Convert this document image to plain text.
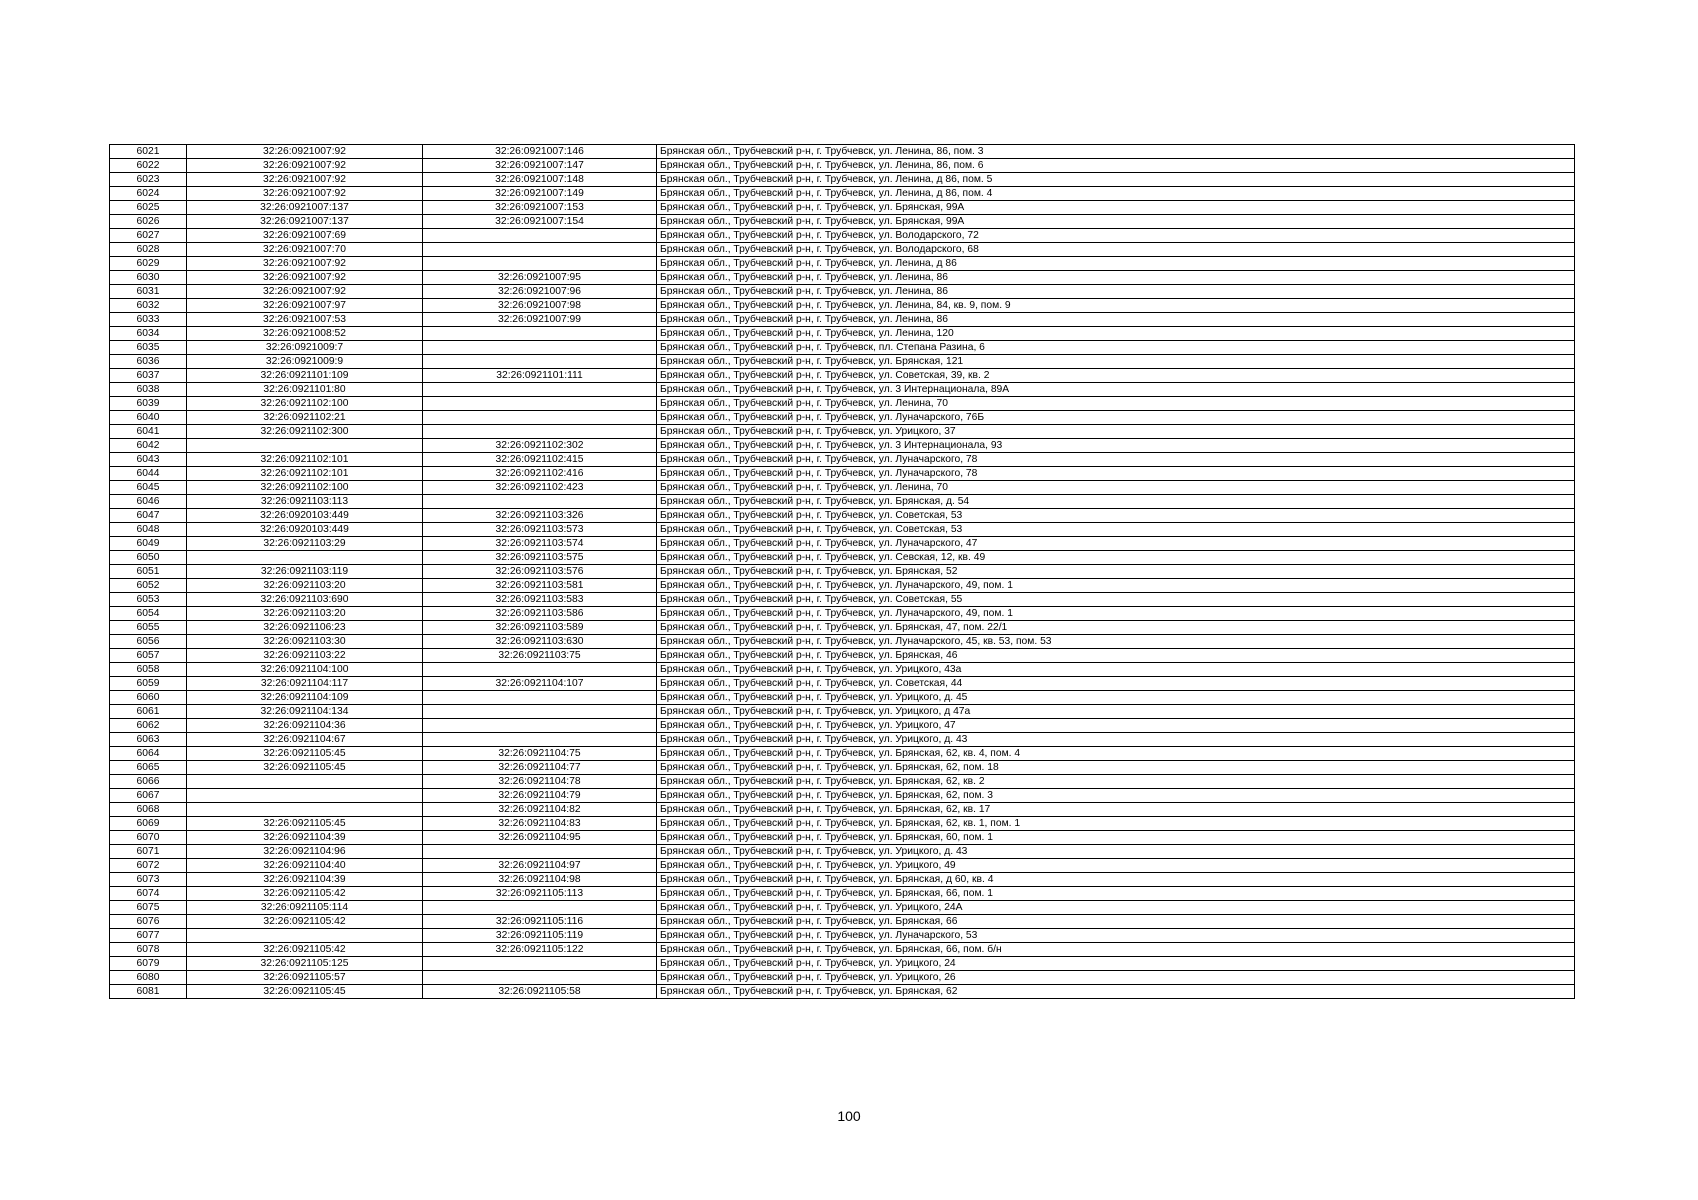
6021	32:26:0921007:92	32:26:0921007:146	Брянская обл., Трубчевский р-н, г. Трубчевск, ул. Ленина, 86, пом. 3
6022	32:26:0921007:92	32:26:0921007:147	Брянская обл., Трубчевский р-н, г. Трубчевск, ул. Ленина, 86, пом. 6
6023	32:26:0921007:92	32:26:0921007:148	Брянская обл., Трубчевский р-н, г. Трубчевск, ул. Ленина, д 86, пом. 5
6024	32:26:0921007:92	32:26:0921007:149	Брянская обл., Трубчевский р-н, г. Трубчевск, ул. Ленина, д 86, пом. 4
6025	32:26:0921007:137	32:26:0921007:153	Брянская обл., Трубчевский р-н, г. Трубчевск, ул. Брянская, 99А
6026	32:26:0921007:137	32:26:0921007:154	Брянская обл., Трубчевский р-н, г. Трубчевск, ул. Брянская, 99А
6027	32:26:0921007:69		Брянская обл., Трубчевский р-н, г. Трубчевск, ул. Володарского, 72
6028	32:26:0921007:70		Брянская обл., Трубчевский р-н, г. Трубчевск, ул. Володарского, 68
6029	32:26:0921007:92		Брянская обл., Трубчевский р-н, г. Трубчевск, ул. Ленина, д 86
6030	32:26:0921007:92	32:26:0921007:95	Брянская обл., Трубчевский р-н, г. Трубчевск, ул. Ленина, 86
6031	32:26:0921007:92	32:26:0921007:96	Брянская обл., Трубчевский р-н, г. Трубчевск, ул. Ленина, 86
6032	32:26:0921007:97	32:26:0921007:98	Брянская обл., Трубчевский р-н, г. Трубчевск, ул. Ленина, 84, кв. 9, пом. 9
6033	32:26:0921007:53	32:26:0921007:99	Брянская обл., Трубчевский р-н, г. Трубчевск, ул. Ленина, 86
6034	32:26:0921008:52		Брянская обл., Трубчевский р-н, г. Трубчевск, ул. Ленина, 120
6035	32:26:0921009:7		Брянская обл., Трубчевский р-н, г. Трубчевск, пл. Степана Разина, 6
6036	32:26:0921009:9		Брянская обл., Трубчевский р-н, г. Трубчевск, ул. Брянская, 121
6037	32:26:0921101:109	32:26:0921101:111	Брянская обл., Трубчевский р-н, г. Трубчевск, ул. Советская, 39, кв. 2
6038	32:26:0921101:80		Брянская обл., Трубчевский р-н, г. Трубчевск, ул. 3 Интернационала, 89А
6039	32:26:0921102:100		Брянская обл., Трубчевский р-н, г. Трубчевск, ул. Ленина, 70
6040	32:26:0921102:21		Брянская обл., Трубчевский р-н, г. Трубчевск, ул. Луначарского, 76Б
6041	32:26:0921102:300		Брянская обл., Трубчевский р-н, г. Трубчевск, ул. Урицкого, 37
6042		32:26:0921102:302	Брянская обл., Трубчевский р-н, г. Трубчевск, ул. 3 Интернационала, 93
6043	32:26:0921102:101	32:26:0921102:415	Брянская обл., Трубчевский р-н, г. Трубчевск, ул. Луначарского, 78
6044	32:26:0921102:101	32:26:0921102:416	Брянская обл., Трубчевский р-н, г. Трубчевск, ул. Луначарского, 78
6045	32:26:0921102:100	32:26:0921102:423	Брянская обл., Трубчевский р-н, г. Трубчевск, ул. Ленина, 70
6046	32:26:0921103:113		Брянская обл., Трубчевский р-н, г. Трубчевск, ул. Брянская, д. 54
6047	32:26:0920103:449	32:26:0921103:326	Брянская обл., Трубчевский р-н, г. Трубчевск, ул. Советская, 53
6048	32:26:0920103:449	32:26:0921103:573	Брянская обл., Трубчевский р-н, г. Трубчевск, ул. Советская, 53
6049	32:26:0921103:29	32:26:0921103:574	Брянская обл., Трубчевский р-н, г. Трубчевск, ул. Луначарского, 47
6050		32:26:0921103:575	Брянская обл., Трубчевский р-н, г. Трубчевск, ул. Севская, 12, кв. 49
6051	32:26:0921103:119	32:26:0921103:576	Брянская обл., Трубчевский р-н, г. Трубчевск, ул. Брянская, 52
6052	32:26:0921103:20	32:26:0921103:581	Брянская обл., Трубчевский р-н, г. Трубчевск, ул. Луначарского, 49, пом. 1
6053	32:26:0921103:690	32:26:0921103:583	Брянская обл., Трубчевский р-н, г. Трубчевск, ул. Советская, 55
6054	32:26:0921103:20	32:26:0921103:586	Брянская обл., Трубчевский р-н, г. Трубчевск, ул. Луначарского, 49, пом. 1
6055	32:26:0921106:23	32:26:0921103:589	Брянская обл., Трубчевский р-н, г. Трубчевск, ул. Брянская, 47, пом. 22/1
6056	32:26:0921103:30	32:26:0921103:630	Брянская обл., Трубчевский р-н, г. Трубчевск, ул. Луначарского, 45, кв. 53, пом. 53
6057	32:26:0921103:22	32:26:0921103:75	Брянская обл., Трубчевский р-н, г. Трубчевск, ул. Брянская, 46
6058	32:26:0921104:100		Брянская обл., Трубчевский р-н, г. Трубчевск, ул. Урицкого, 43а
6059	32:26:0921104:117	32:26:0921104:107	Брянская обл., Трубчевский р-н, г. Трубчевск, ул. Советская, 44
6060	32:26:0921104:109		Брянская обл., Трубчевский р-н, г. Трубчевск, ул. Урицкого, д. 45
6061	32:26:0921104:134		Брянская обл., Трубчевский р-н, г. Трубчевск, ул. Урицкого, д 47а
6062	32:26:0921104:36		Брянская обл., Трубчевский р-н, г. Трубчевск, ул. Урицкого, 47
6063	32:26:0921104:67		Брянская обл., Трубчевский р-н, г. Трубчевск, ул. Урицкого, д. 43
6064	32:26:0921105:45	32:26:0921104:75	Брянская обл., Трубчевский р-н, г. Трубчевск, ул. Брянская, 62, кв. 4, пом. 4
6065	32:26:0921105:45	32:26:0921104:77	Брянская обл., Трубчевский р-н, г. Трубчевск, ул. Брянская, 62, пом. 18
6066		32:26:0921104:78	Брянская обл., Трубчевский р-н, г. Трубчевск, ул. Брянская, 62, кв. 2
6067		32:26:0921104:79	Брянская обл., Трубчевский р-н, г. Трубчевск, ул. Брянская, 62, пом. 3
6068		32:26:0921104:82	Брянская обл., Трубчевский р-н, г. Трубчевск, ул. Брянская, 62, кв. 17
6069	32:26:0921105:45	32:26:0921104:83	Брянская обл., Трубчевский р-н, г. Трубчевск, ул. Брянская, 62, кв. 1, пом. 1
6070	32:26:0921104:39	32:26:0921104:95	Брянская обл., Трубчевский р-н, г. Трубчевск, ул. Брянская, 60, пом. 1
6071	32:26:0921104:96		Брянская обл., Трубчевский р-н, г. Трубчевск, ул. Урицкого, д. 43
6072	32:26:0921104:40	32:26:0921104:97	Брянская обл., Трубчевский р-н, г. Трубчевск, ул. Урицкого, 49
6073	32:26:0921104:39	32:26:0921104:98	Брянская обл., Трубчевский р-н, г. Трубчевск, ул. Брянская, д 60, кв. 4
6074	32:26:0921105:42	32:26:0921105:113	Брянская обл., Трубчевский р-н, г. Трубчевск, ул. Брянская, 66, пом. 1
6075	32:26:0921105:114		Брянская обл., Трубчевский р-н, г. Трубчевск, ул. Урицкого, 24А
6076	32:26:0921105:42	32:26:0921105:116	Брянская обл., Трубчевский р-н, г. Трубчевск, ул. Брянская, 66
6077		32:26:0921105:119	Брянская обл., Трубчевский р-н, г. Трубчевск, ул. Луначарского, 53
6078	32:26:0921105:42	32:26:0921105:122	Брянская обл., Трубчевский р-н, г. Трубчевск, ул. Брянская, 66, пом. б/н
6079	32:26:0921105:125		Брянская обл., Трубчевский р-н, г. Трубчевск, ул. Урицкого, 24
6080	32:26:0921105:57		Брянская обл., Трубчевский р-н, г. Трубчевск, ул. Урицкого, 26
6081	32:26:0921105:45	32:26:0921105:58	Брянская обл., Трубчевский р-н, г. Трубчевск, ул. Брянская, 62
100
